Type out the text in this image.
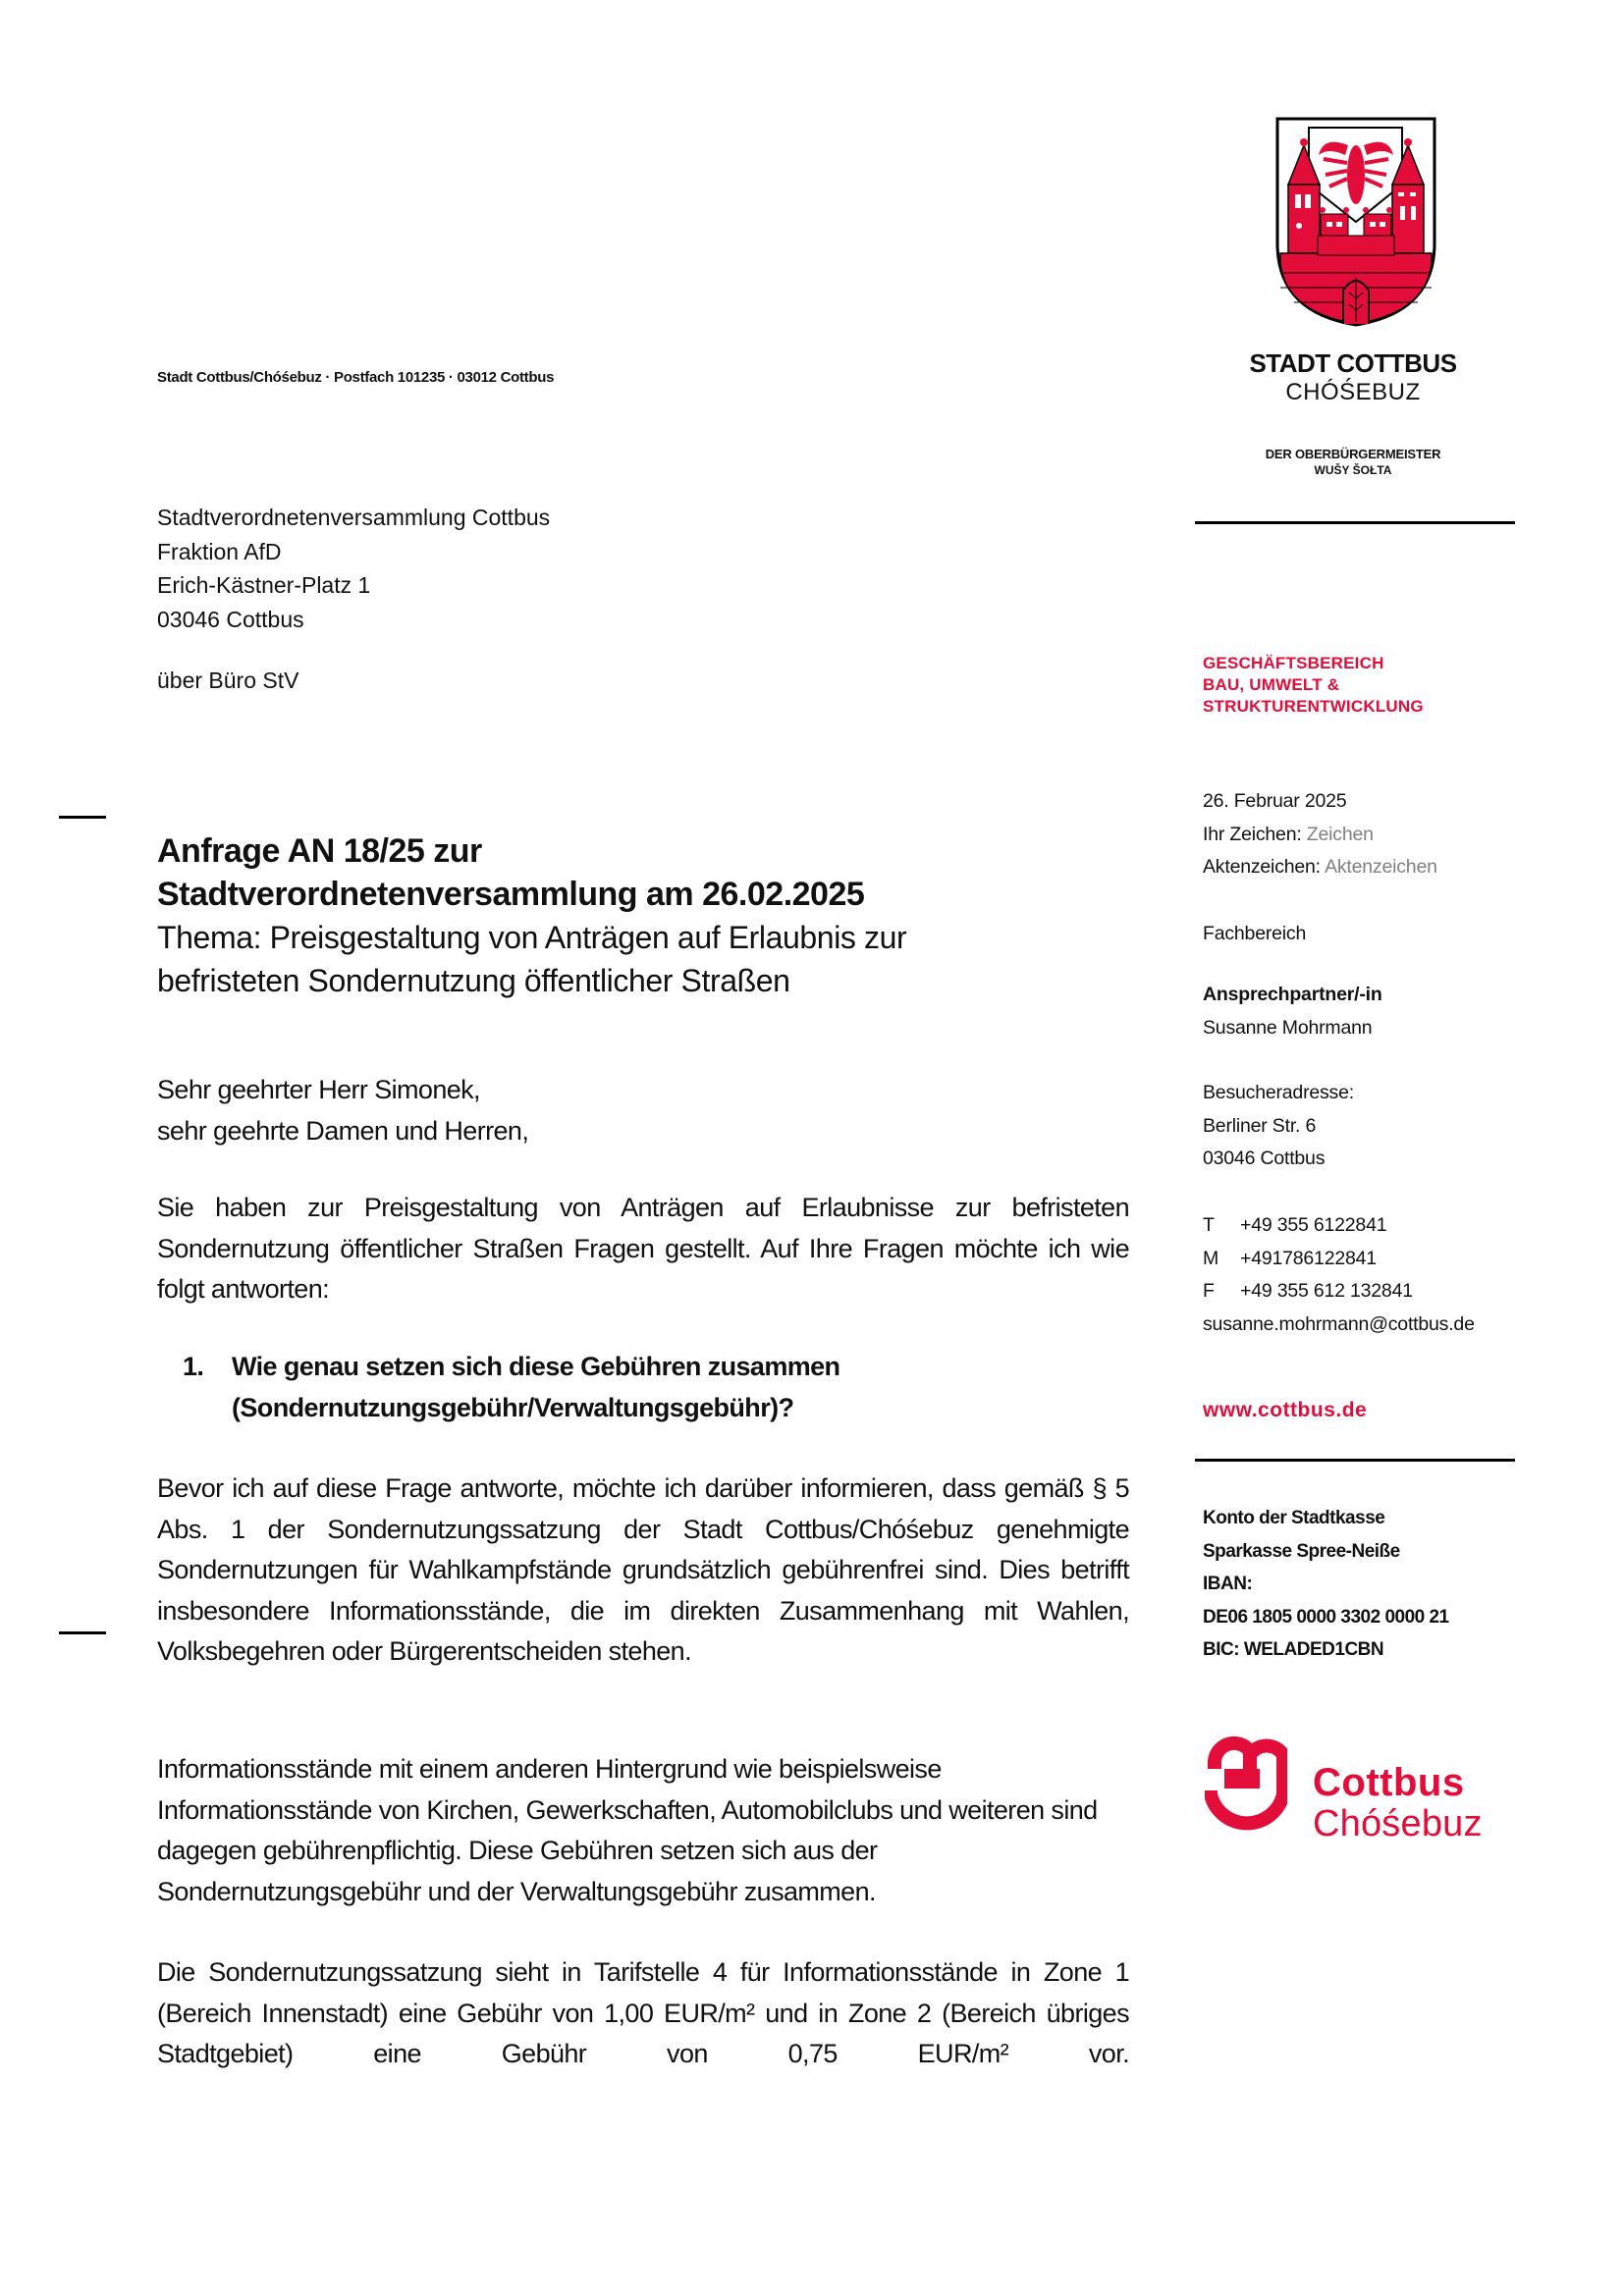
Stadt Cottbus/Chóśebuz · Postfach 101235 · 03012 Cottbus
Stadtverordnetenversammlung Cottbus
Fraktion AfD
Erich-Kästner-Platz 1
03046 Cottbus
über Büro StV
Anfrage AN 18/25 zur
Stadtverordnetenversammlung am 26.02.2025
Thema: Preisgestaltung von Anträgen auf Erlaubnis zur
befristeten Sondernutzung öffentlicher Straßen

Sehr geehrter Herr Simonek,

sehr geehrte Damen und Herren,

Sie haben zur Preisgestaltung von Anträgen auf Erlaubnisse zur befristeten Sondernutzung öffentlicher Straßen Fragen gestellt. Auf Ihre Fragen möchte ich wie folgt antworten:

1.	Wie genau setzen sich diese Gebühren zusammen
(Sondernutzungsgebühr/Verwaltungsgebühr)?

Bevor ich auf diese Frage antworte, möchte ich darüber informieren, dass gemäß § 5 Abs. 1 der Sondernutzungssatzung der Stadt Cottbus/Chóśebuz genehmigte Sondernutzungen für Wahlkampfstände grundsätzlich gebührenfrei sind. Dies betrifft insbesondere Informationsstände, die im direkten Zusammenhang mit Wahlen, Volksbegehren oder Bürgerentscheiden stehen.

Informationsstände mit einem anderen Hintergrund wie beispielsweise Informationsstände von Kirchen, Gewerkschaften, Automobilclubs und weiteren sind dagegen gebührenpflichtig. Diese Gebühren setzen sich aus der Sondernutzungsgebühr und der Verwaltungsgebühr zusammen.

Die Sondernutzungssatzung sieht in Tarifstelle 4 für Informationsstände in Zone 1 (Bereich Innenstadt) eine Gebühr von 1,00 EUR/m² und in Zone 2 (Bereich übriges Stadtgebiet) eine Gebühr von 0,75 EUR/m² vor.

STADT COTTBUS
CHÓŚEBUZ
DER OBERBÜRGERMEISTER
WUŠY ŠOŁTA
GESCHÄFTSBEREICH
BAU, UMWELT &
STRUKTURENTWICKLUNG
26. Februar 2025
Ihr Zeichen: Zeichen
Aktenzeichen: Aktenzeichen
Fachbereich
Ansprechpartner/-in
Susanne Mohrmann
Besucheradresse:
Berliner Str. 6
03046 Cottbus
T	+49 355 6122841
M	+491786122841
F	+49 355 612 132841
susanne.mohrmann@cottbus.de
www.cottbus.de
Konto der Stadtkasse
Sparkasse Spree-Neiße
IBAN:
DE06 1805 0000 3302 0000 21
BIC: WELADED1CBN
Cottbus
Chóśebuz
